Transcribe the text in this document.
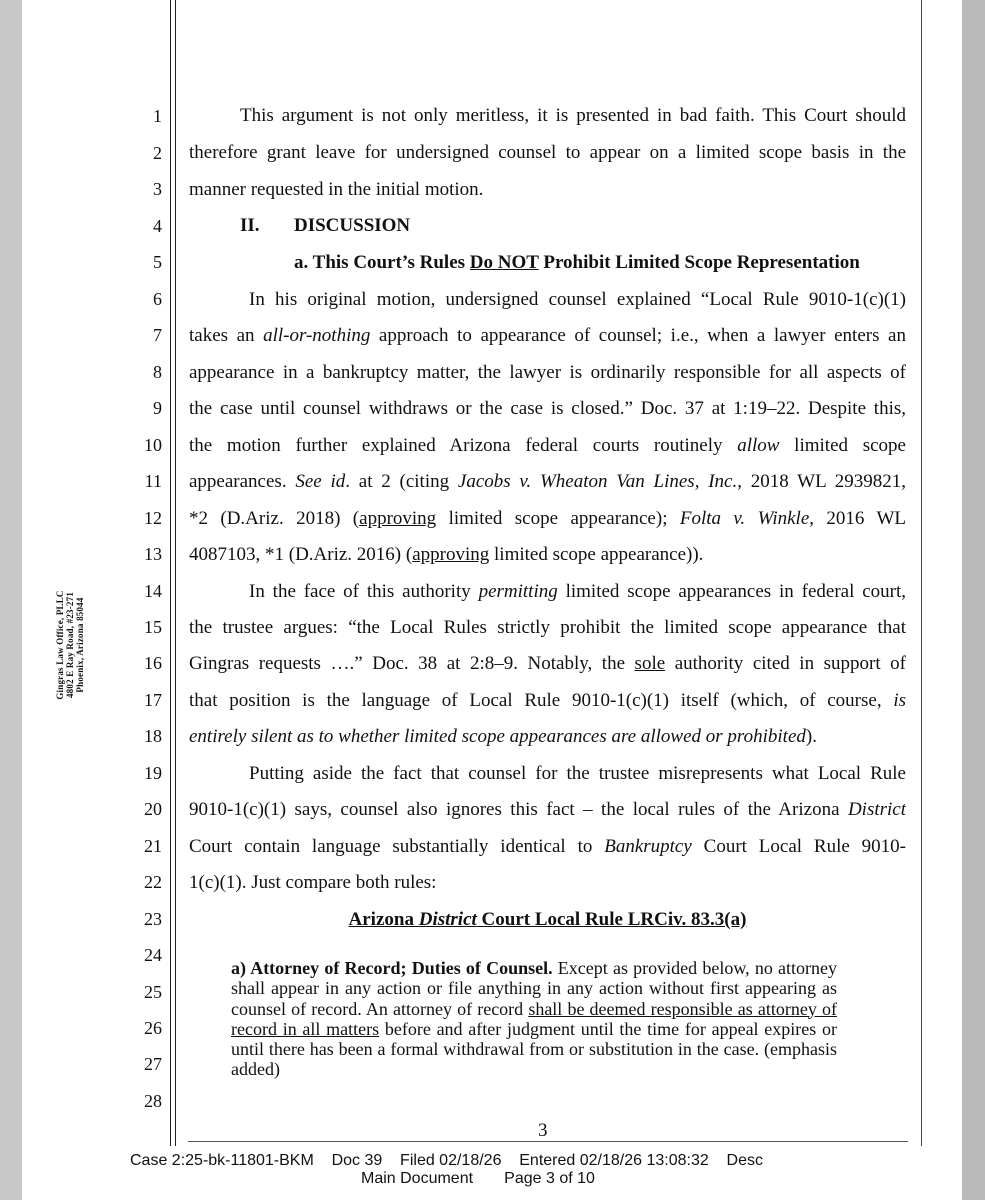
Gingras Law Office, PLLC 4802 E Ray Road, #23-271 Phoenix, Arizona 85044
1
2
3
4
5
6
7
8
9
10
11
12
13
14
15
16
17
18
19
20
21
22
23
24
25
26
27
28
This argument is not only meritless, it is presented in bad faith. This Court should
therefore grant leave for undersigned counsel to appear on a limited scope basis in the
manner requested in the initial motion.
II. DISCUSSION
a. This Court’s Rules Do NOT Prohibit Limited Scope Representation
In his original motion, undersigned counsel explained “Local Rule 9010-1(c)(1)
takes an all-or-nothing approach to appearance of counsel; i.e., when a lawyer enters an
appearance in a bankruptcy matter, the lawyer is ordinarily responsible for all aspects of
the case until counsel withdraws or the case is closed.” Doc. 37 at 1:19–22. Despite this,
the motion further explained Arizona federal courts routinely allow limited scope
appearances. See id. at 2 (citing Jacobs v. Wheaton Van Lines, Inc., 2018 WL 2939821,
*2 (D.Ariz. 2018) (approving limited scope appearance); Folta v. Winkle, 2016 WL
4087103, *1 (D.Ariz. 2016) (approving limited scope appearance)).
In the face of this authority permitting limited scope appearances in federal court,
the trustee argues: “the Local Rules strictly prohibit the limited scope appearance that
Gingras requests ….” Doc. 38 at 2:8–9. Notably, the sole authority cited in support of
that position is the language of Local Rule 9010-1(c)(1) itself (which, of course, is
entirely silent as to whether limited scope appearances are allowed or prohibited).
Putting aside the fact that counsel for the trustee misrepresents what Local Rule
9010-1(c)(1) says, counsel also ignores this fact – the local rules of the Arizona District
Court contain language substantially identical to Bankruptcy Court Local Rule 9010-
1(c)(1). Just compare both rules:
Arizona District Court Local Rule LRCiv. 83.3(a)
a) Attorney of Record; Duties of Counsel. Except as provided below, no attorney shall appear in any action or file anything in any action without first appearing as counsel of record. An attorney of record shall be deemed responsible as attorney of record in all matters before and after judgment until the time for appeal expires or until there has been a formal withdrawal from or substitution in the case. (emphasis added)
3
Case 2:25-bk-11801-BKM    Doc 39    Filed 02/18/26    Entered 02/18/26 13:08:32    Desc
Main Document       Page 3 of 10
